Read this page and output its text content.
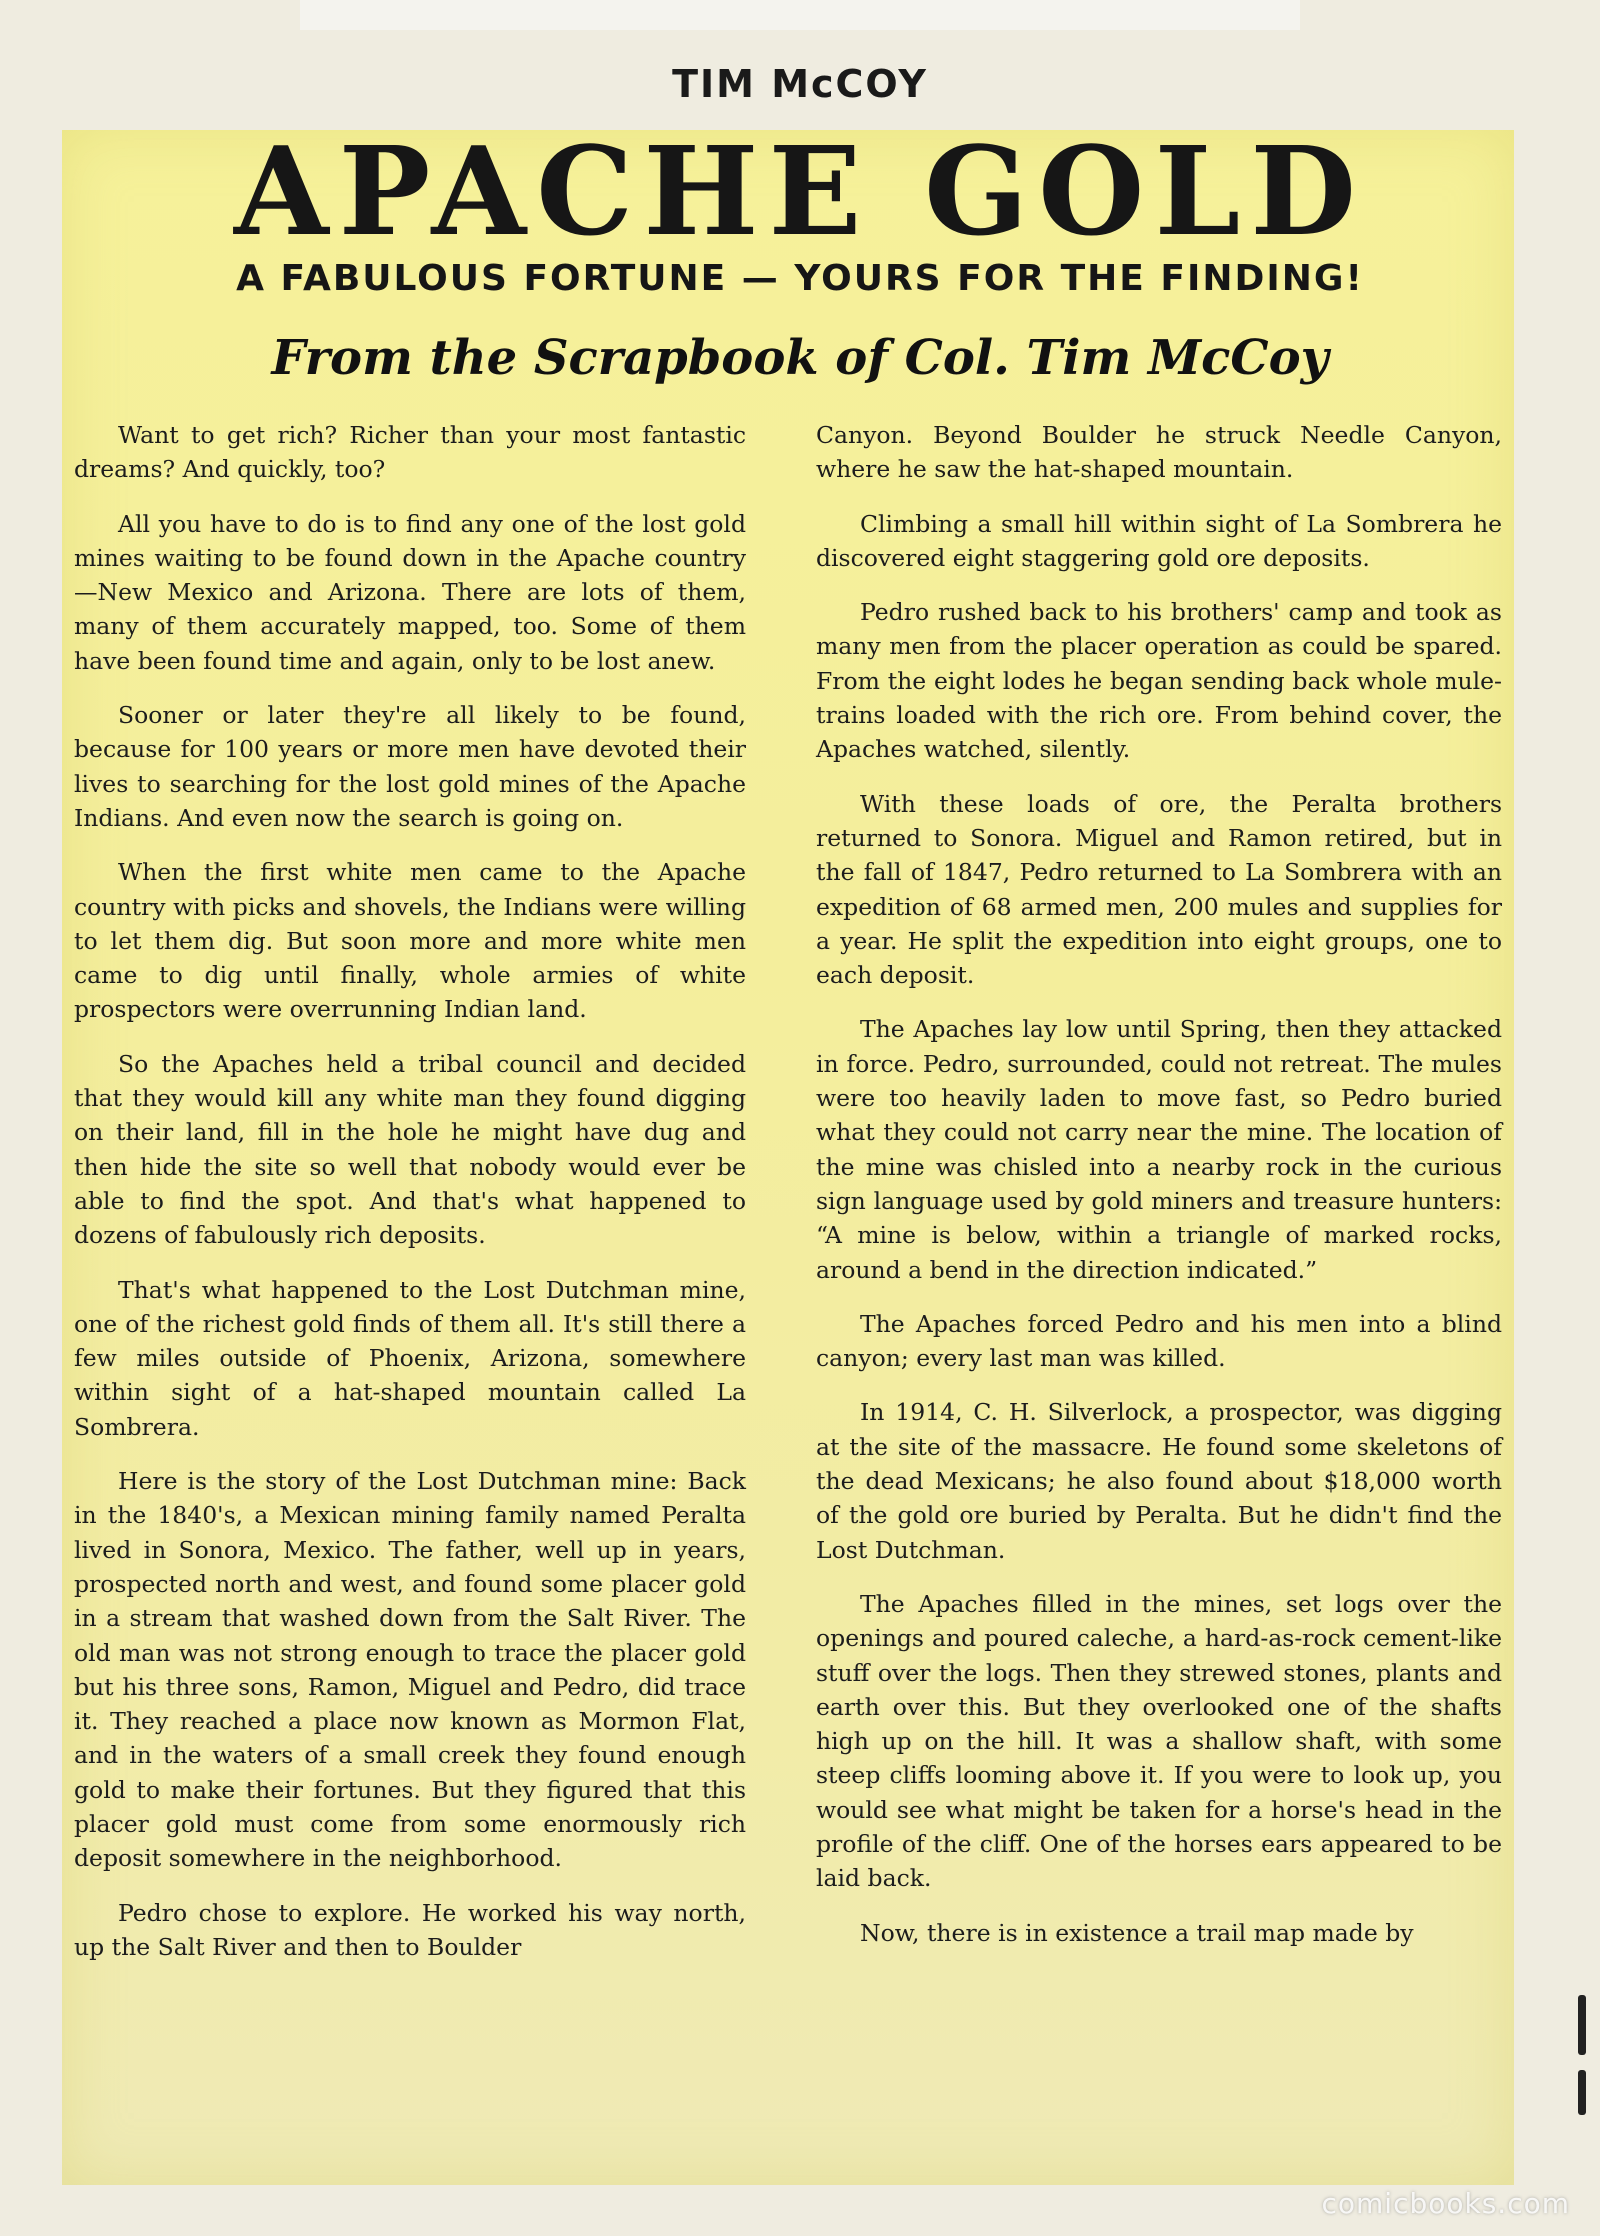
TIM McCOY
APACHE GOLD
A FABULOUS FORTUNE — YOURS FOR THE FINDING!
From the Scrapbook of Col. Tim McCoy

Want to get rich? Richer than your most fantastic dreams? And quickly, too?

All you have to do is to find any one of the lost gold mines waiting to be found down in the Apache country—New Mexico and Arizona. There are lots of them, many of them accurately mapped, too. Some of them have been found time and again, only to be lost anew.

Sooner or later they're all likely to be found, because for 100 years or more men have devoted their lives to searching for the lost gold mines of the Apache Indians. And even now the search is going on.

When the first white men came to the Apache country with picks and shovels, the Indians were willing to let them dig. But soon more and more white men came to dig until finally, whole armies of white prospectors were overrunning Indian land.

So the Apaches held a tribal council and decided that they would kill any white man they found digging on their land, fill in the hole he might have dug and then hide the site so well that nobody would ever be able to find the spot. And that's what happened to dozens of fabulously rich deposits.

That's what happened to the Lost Dutchman mine, one of the richest gold finds of them all. It's still there a few miles outside of Phoenix, Arizona, somewhere within sight of a hat-shaped mountain called La Sombrera.

Here is the story of the Lost Dutchman mine: Back in the 1840's, a Mexican mining family named Peralta lived in Sonora, Mexico. The father, well up in years, prospected north and west, and found some placer gold in a stream that washed down from the Salt River. The old man was not strong enough to trace the placer gold but his three sons, Ramon, Miguel and Pedro, did trace it. They reached a place now known as Mormon Flat, and in the waters of a small creek they found enough gold to make their fortunes. But they figured that this placer gold must come from some enormously rich deposit somewhere in the neighborhood.

Pedro chose to explore. He worked his way north, up the Salt River and then to Boulder

Canyon. Beyond Boulder he struck Needle Canyon, where he saw the hat-shaped mountain.

Climbing a small hill within sight of La Sombrera he discovered eight staggering gold ore deposits.

Pedro rushed back to his brothers' camp and took as many men from the placer operation as could be spared. From the eight lodes he began sending back whole mule-trains loaded with the rich ore. From behind cover, the Apaches watched, silently.

With these loads of ore, the Peralta brothers returned to Sonora. Miguel and Ramon retired, but in the fall of 1847, Pedro returned to La Sombrera with an expedition of 68 armed men, 200 mules and supplies for a year. He split the expedition into eight groups, one to each deposit.

The Apaches lay low until Spring, then they attacked in force. Pedro, surrounded, could not retreat. The mules were too heavily laden to move fast, so Pedro buried what they could not carry near the mine. The location of the mine was chisled into a nearby rock in the curious sign language used by gold miners and treasure hunters: “A mine is below, within a triangle of marked rocks, around a bend in the direction indicated.”

The Apaches forced Pedro and his men into a blind canyon; every last man was killed.

In 1914, C. H. Silverlock, a prospector, was digging at the site of the massacre. He found some skeletons of the dead Mexicans; he also found about $18,000 worth of the gold ore buried by Peralta. But he didn't find the Lost Dutchman.

The Apaches filled in the mines, set logs over the openings and poured caleche, a hard-as-rock cement-like stuff over the logs. Then they strewed stones, plants and earth over this. But they overlooked one of the shafts high up on the hill. It was a shallow shaft, with some steep cliffs looming above it. If you were to look up, you would see what might be taken for a horse's head in the profile of the cliff. One of the horses ears appeared to be laid back.

Now, there is in existence a trail map made by

comicbooks.com
